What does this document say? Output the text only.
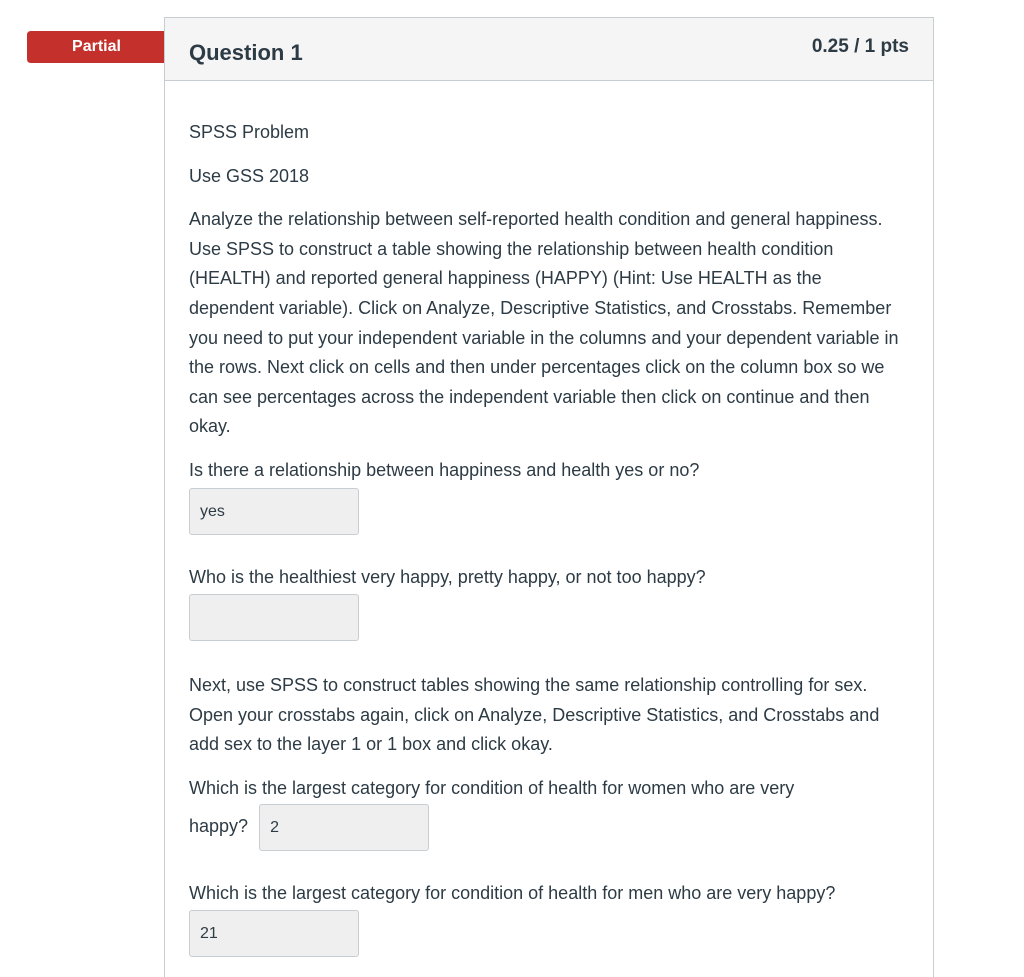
Partial	Question 1	0.25 / 1 pts

SPSS Problem

Use GSS 2018

Analyze the relationship between self-reported health condition and general happiness. Use SPSS to construct a table showing the relationship between health condition (HEALTH) and reported general happiness (HAPPY) (Hint: Use HEALTH as the dependent variable). Click on Analyze, Descriptive Statistics, and Crosstabs. Remember you need to put your independent variable in the columns and your dependent variable in the rows. Next click on cells and then under percentages click on the column box so we can see percentages across the independent variable then click on continue and then okay.

Is there a relationship between happiness and health yes or no?

yes

Who is the healthiest very happy, pretty happy, or not too happy?

Next, use SPSS to construct tables showing the same relationship controlling for sex. Open your crosstabs again, click on Analyze, Descriptive Statistics, and Crosstabs and add sex to the layer 1 or 1 box and click okay.

Which is the largest category for condition of health for women who are very

happy?	2

Which is the largest category for condition of health for men who are very happy?

21
